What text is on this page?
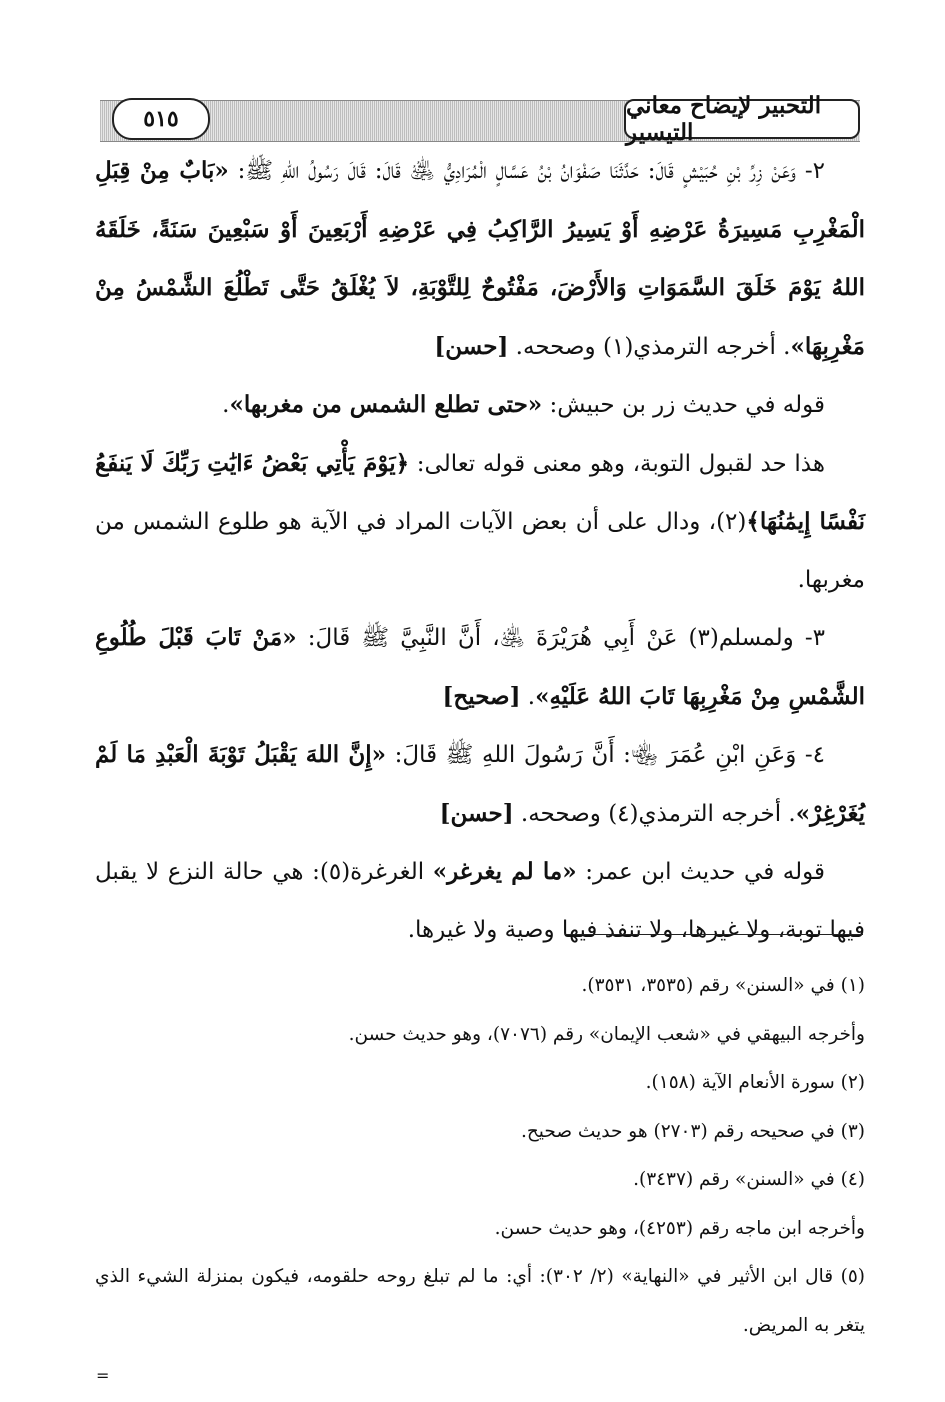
٥١٥	التحبير لإيضاح معاني التيسير

٢- وَعَنْ زِرِّ بْنِ حُبَيْشٍ قَالَ: حَدَّثَنَا صَفْوَانُ بْنُ عَسَّالٍ الْمُرَادِيُّ ﵁ قَالَ: قَالَ رَسُولُ اللهِ ﷺ: «بَابٌ مِنْ قِبَلِ الْمَغْرِبِ مَسِيرَةُ عَرْضِهِ أَوْ يَسِيرُ الرَّاكِبُ فِي عَرْضِهِ أَرْبَعِينَ أَوْ سَبْعِينَ سَنَةً، خَلَقَهُ اللهُ يَوْمَ خَلَقَ السَّمَوَاتِ وَالأَرْضَ، مَفْتُوحٌ لِلتَّوْبَةِ، لاَ يُغْلَقُ حَتَّى تَطْلُعَ الشَّمْسُ مِنْ مَغْرِبِهَا». أخرجه الترمذي(١) وصححه. [حسن]

قوله في حديث زر بن حبيش: «حتى تطلع الشمس من مغربها».

هذا حد لقبول التوبة، وهو معنى قوله تعالى: ﴿يَوْمَ يَأْتِي بَعْضُ ءَايَٰتِ رَبِّكَ لَا يَنفَعُ نَفْسًا إِيمَٰنُهَا﴾(٢)، ودال على أن بعض الآيات المراد في الآية هو طلوع الشمس من مغربها.

٣- ولمسلم(٣) عَنْ أَبِي هُرَيْرَةَ ﵁، أَنَّ النَّبِيَّ ﷺ قَالَ: «مَنْ تَابَ قَبْلَ طُلُوعِ الشَّمْسِ مِنْ مَغْرِبِهَا تَابَ اللهُ عَلَيْهِ». [صحيح]

٤- وَعَنِ ابْنِ عُمَرَ ﵄: أَنَّ رَسُولَ اللهِ ﷺ قَالَ: «إِنَّ اللهَ يَقْبَلُ تَوْبَةَ الْعَبْدِ مَا لَمْ يُغَرْغِرْ». أخرجه الترمذي(٤) وصححه. [حسن]

قوله في حديث ابن عمر: «ما لم يغرغر» الغرغرة(٥): هي حالة النزع لا يقبل فيها توبة، ولا غيرها، ولا تنفذ فيها وصية ولا غيرها.

(١) في «السنن» رقم (٣٥٣٥، ٣٥٣١).

وأخرجه البيهقي في «شعب الإيمان» رقم (٧٠٧٦)، وهو حديث حسن.

(٢) سورة الأنعام الآية (١٥٨).

(٣) في صحيحه رقم (٢٧٠٣) هو حديث صحيح.

(٤) في «السنن» رقم (٣٤٣٧).

وأخرجه ابن ماجه رقم (٤٢٥٣)، وهو حديث حسن.

(٥) قال ابن الأثير في «النهاية» (٢/ ٣٠٢): أي: ما لم تبلغ روحه حلقومه، فيكون بمنزلة الشيء الذي يتغر به المريض.

=
